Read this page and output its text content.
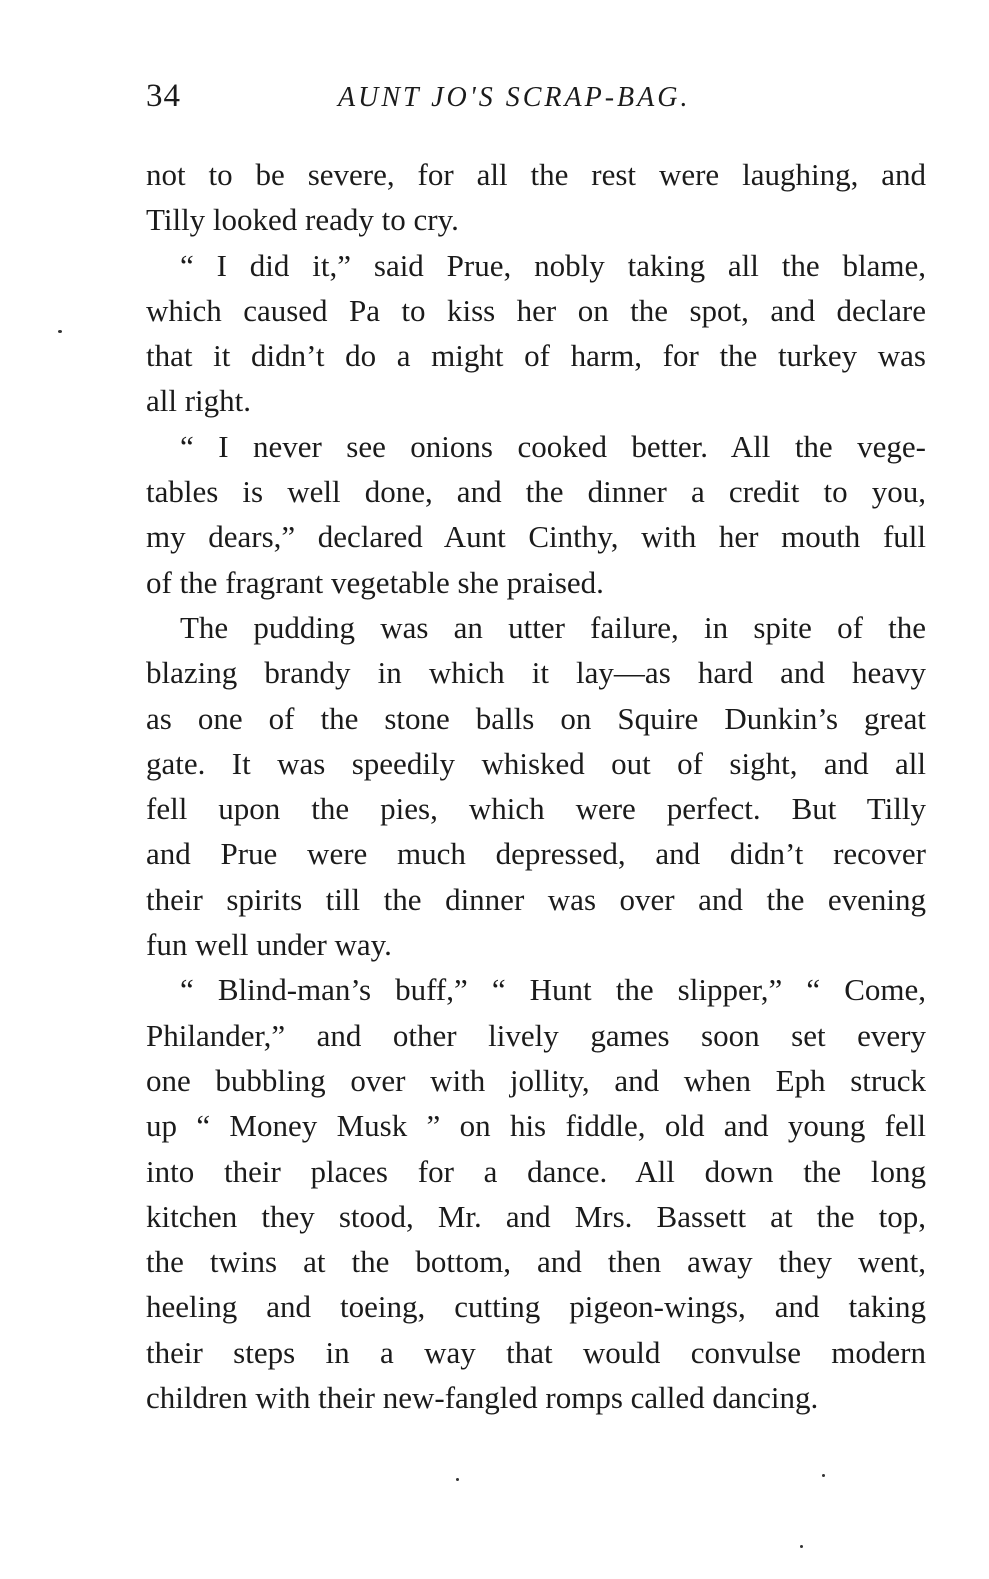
34	AUNT JO'S SCRAP-BAG.
not to be severe, for all the rest were laughing, and
Tilly looked ready to cry.
“ I did it,” said Prue, nobly taking all the blame,
which caused Pa to kiss her on the spot, and declare
that it didn’t do a might of harm, for the turkey was
all right.
“ I never see onions cooked better. All the vege-
tables is well done, and the dinner a credit to you,
my dears,” declared Aunt Cinthy, with her mouth full
of the fragrant vegetable she praised.
The pudding was an utter failure, in spite of the
blazing brandy in which it lay—as hard and heavy
as one of the stone balls on Squire Dunkin’s great
gate. It was speedily whisked out of sight, and all
fell upon the pies, which were perfect. But Tilly
and Prue were much depressed, and didn’t recover
their spirits till the dinner was over and the evening
fun well under way.
“ Blind-man’s buff,” “ Hunt the slipper,” “ Come,
Philander,” and other lively games soon set every
one bubbling over with jollity, and when Eph struck
up “ Money Musk ” on his fiddle, old and young fell
into their places for a dance. All down the long
kitchen they stood, Mr. and Mrs. Bassett at the top,
the twins at the bottom, and then away they went,
heeling and toeing, cutting pigeon-wings, and taking
their steps in a way that would convulse modern
children with their new-fangled romps called dancing.
